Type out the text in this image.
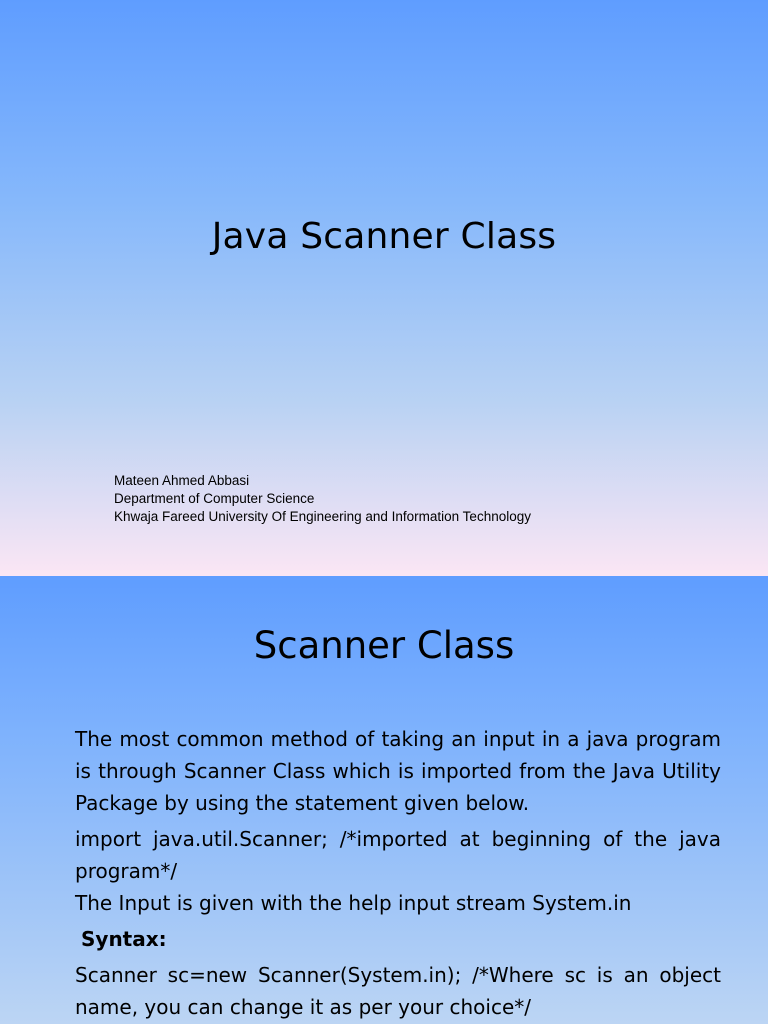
Java Scanner Class
Mateen Ahmed Abbasi
Department of Computer Science
Khwaja Fareed University Of Engineering and Information Technology
Scanner Class

The most common method of taking an input in a java program is through Scanner Class which is imported from the Java Utility Package by using the statement given below.

import java.util.Scanner; /*imported at beginning of the java program*/

The Input is given with the help input stream System.in

Syntax:

Scanner sc=new Scanner(System.in); /*Where sc is an object name, you can change it as per your choice*/
